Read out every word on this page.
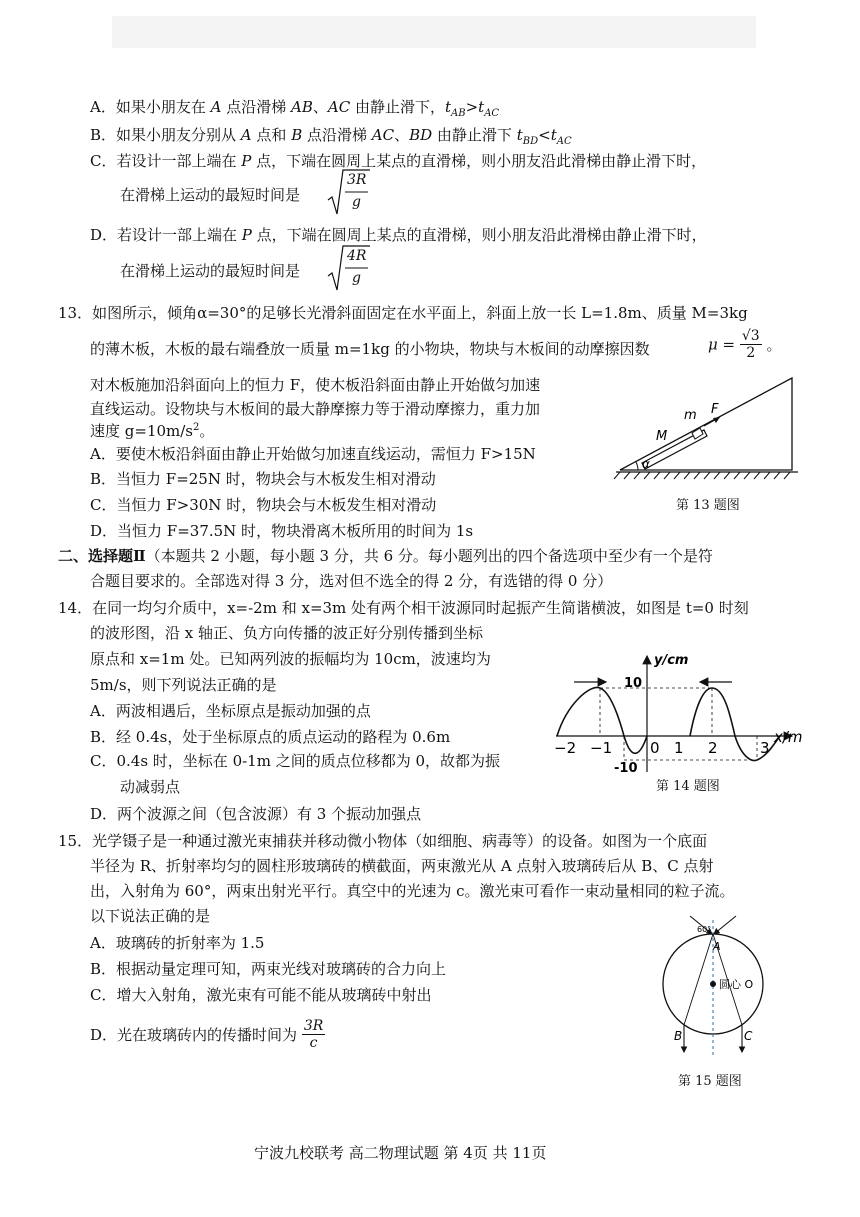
A．如果小朋友在 A 点沿滑梯 AB、AC 由静止滑下，$t_{AB}>t_{AC}$
B．如果小朋友分别从 A 点和 B 点沿滑梯 AC、BD 由静止滑下 $t_{BD}<t_{AC}$
C．若设计一部上端在 P 点，下端在圆周上某点的直滑梯，则小朋友沿此滑梯由静止滑下时，
在滑梯上运动的最短时间是
3R
g
D．若设计一部上端在 P 点，下端在圆周上某点的直滑梯，则小朋友沿此滑梯由静止滑下时，
在滑梯上运动的最短时间是
4R
g
13．如图所示，倾角α=30°的足够长光滑斜面固定在水平面上，斜面上放一长 L=1.8m、质量 M=3kg
的薄木板，木板的最右端叠放一质量 m=1kg 的小物块，物块与木板间的动摩擦因数	$\mu = \frac{√3}{2}$ 。
对木板施加沿斜面向上的恒力 F，使木板沿斜面由静止开始做匀加速
直线运动。设物块与木板间的最大静摩擦力等于滑动摩擦力，重力加
速度 $g=10m/s^2$。
A．要使木板沿斜面由静止开始做匀加速直线运动，需恒力 F>15N
B．当恒力 F=25N 时，物块会与木板发生相对滑动
C．当恒力 F>30N 时，物块会与木板发生相对滑动
D．当恒力 F=37.5N 时，物块滑离木板所用的时间为 1s
m F
M
α
第 13 题图
二、选择题Ⅱ（本题共 2 小题，每小题 3 分，共 6 分。每小题列出的四个备选项中至少有一个是符
合题目要求的。全部选对得 3 分，选对但不选全的得 2 分，有选错的得 0 分）
14．在同一均匀介质中，x=-2m 和 x=3m 处有两个相干波源同时起振产生简谐横波，如图是 t=0 时刻
的波形图，沿 x 轴正、负方向传播的波正好分别传播到坐标
原点和 x=1m 处。已知两列波的振幅均为 10cm，波速均为
5m/s，则下列说法正确的是
A．两波相遇后，坐标原点是振动加强的点
B．经 0.4s，处于坐标原点的质点运动的路程为 0.6m
C．0.4s 时，坐标在 0-1m 之间的质点位移都为 0，故都为振
动减弱点
D．两个波源之间（包含波源）有 3 个振动加强点
y/cm
x/m
10
-10
−2 −1	0 1 2	3
第 14 题图
15．光学镊子是一种通过激光束捕获并移动微小物体（如细胞、病毒等）的设备。如图为一个底面
半径为 R、折射率均匀的圆柱形玻璃砖的横截面，两束激光从 A 点射入玻璃砖后从 B、C 点射
出，入射角为 60°，两束出射光平行。真空中的光速为 c。激光束可看作一束动量相同的粒子流。
以下说法正确的是
A．玻璃砖的折射率为 1.5
B．根据动量定理可知，两束光线对玻璃砖的合力向上
C．增大入射角，激光束有可能不能从玻璃砖中射出
D．光在玻璃砖内的传播时间为 $\frac{3R}{c}$
60°
A
圆心 O
B	C
第 15 题图
宁波九校联考 高二物理试题 第 4页 共 11页
